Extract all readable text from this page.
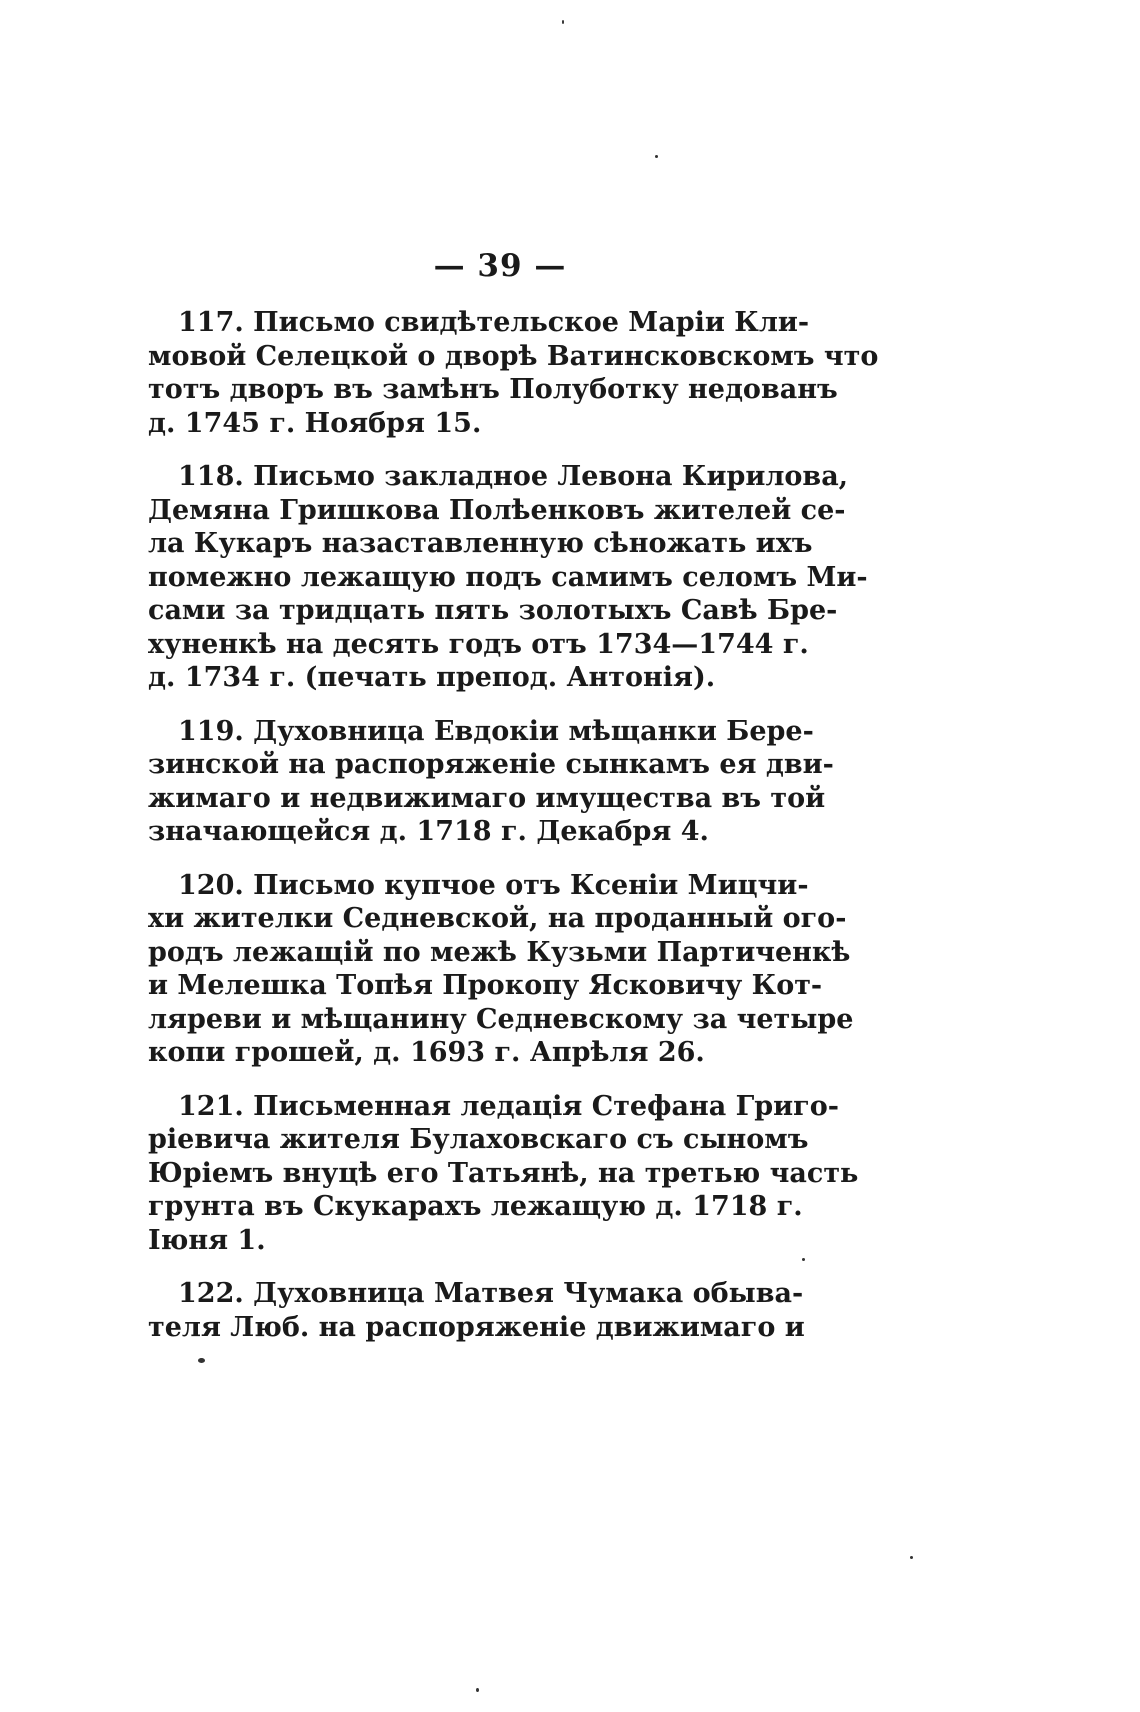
— 39 —
117. Письмо свидѣтельское Маріи Кли-
мовой Селецкой о дворѣ Ватинсковскомъ что
тотъ дворъ въ замѣнъ Полуботку недованъ
д. 1745 г. Ноября 15.
118. Письмо закладное Левона Кирилова,
Демяна Гришкова Полѣенковъ жителей се-
ла Кукаръ назаставленную сѣножать ихъ
помежно лежащую подъ самимъ селомъ Ми-
сами за тридцать пять золотыхъ Савѣ Бре-
хуненкѣ на десять годъ отъ 1734—1744 г.
д. 1734 г. (печать препод. Антонія).
119. Духовница Евдокіи мѣщанки Бере-
зинской на распоряженіе сынкамъ ея дви-
жимаго и недвижимаго имущества въ той
значающейся д. 1718 г. Декабря 4.
120. Письмо купчое отъ Ксеніи Мицчи-
хи жителки Седневской, на проданный ого-
родъ лежащій по межѣ Кузьми Партиченкѣ
и Мелешка Топѣя Прокопу Ясковичу Кот-
ляреви и мѣщанину Седневскому за четыре
копи грошей, д. 1693 г. Апрѣля 26.
121. Письменная ледація Стефана Григо-
ріевича жителя Булаховскаго съ сыномъ
Юріемъ внуцѣ его Татьянѣ, на третью часть
грунта въ Скукарахъ лежащую д. 1718 г.
Іюня 1.
122. Духовница Матвея Чумака обыва-
теля Люб. на распоряженіе движимаго и
